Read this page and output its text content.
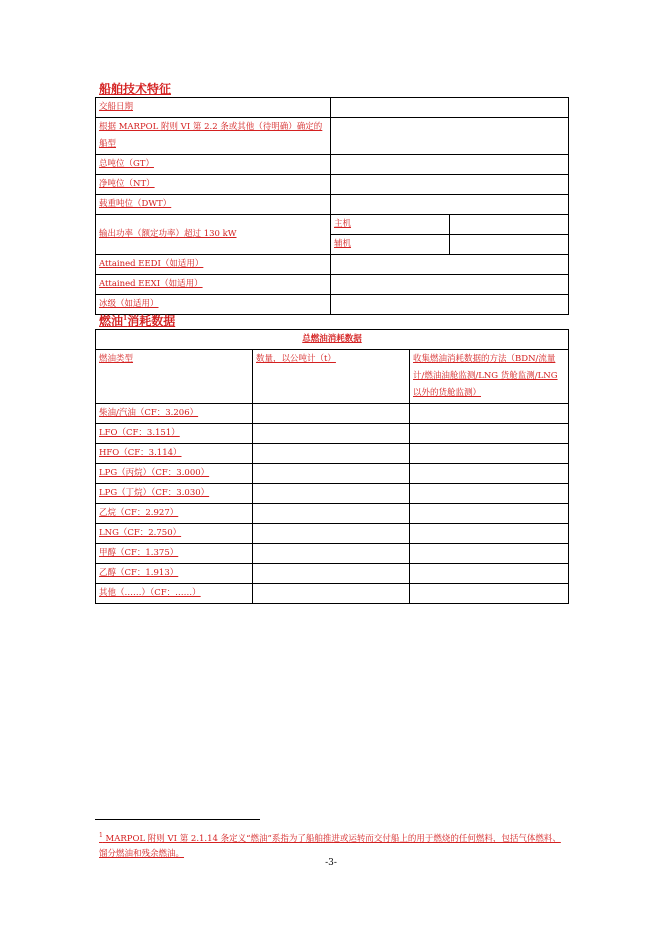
船舶技术特征
交船日期		
根据 MARPOL 附则 VI 第 2.2 条或其他（待明确）确定的船型		
总吨位（GT）		
净吨位（NT）		
载重吨位（DWT）		
输出功率（额定功率）超过 130 kW	主机	
	辅机	
Attained EEDI（如适用）		
Attained EEXI（如适用）		
冰级（如适用）		
燃油$^1$消耗数据
总燃油消耗数据		
燃油类型	数量，以公吨计（t）	收集燃油消耗数据的方法（BDN/流量计/燃油油舱监测/LNG 货舱监测/LNG 以外的货舱监测）
柴油/汽油（CF：3.206）		
LFO（CF：3.151）		
HFO（CF：3.114）		
LPG（丙烷）（CF：3.000）		
LPG（丁烷）（CF：3.030）		
乙烷（CF：2.927）		
LNG（CF：2.750）		
甲醇（CF：1.375）		
乙醇（CF：1.913）		
其他（……）（CF：……）		
$^1$ MARPOL 附则 VI 第 2.1.14 条定义“燃油”系指为了船舶推进或运转而交付船上的用于燃烧的任何燃料，包括气体燃料、馏分燃油和残余燃油。
-3-
